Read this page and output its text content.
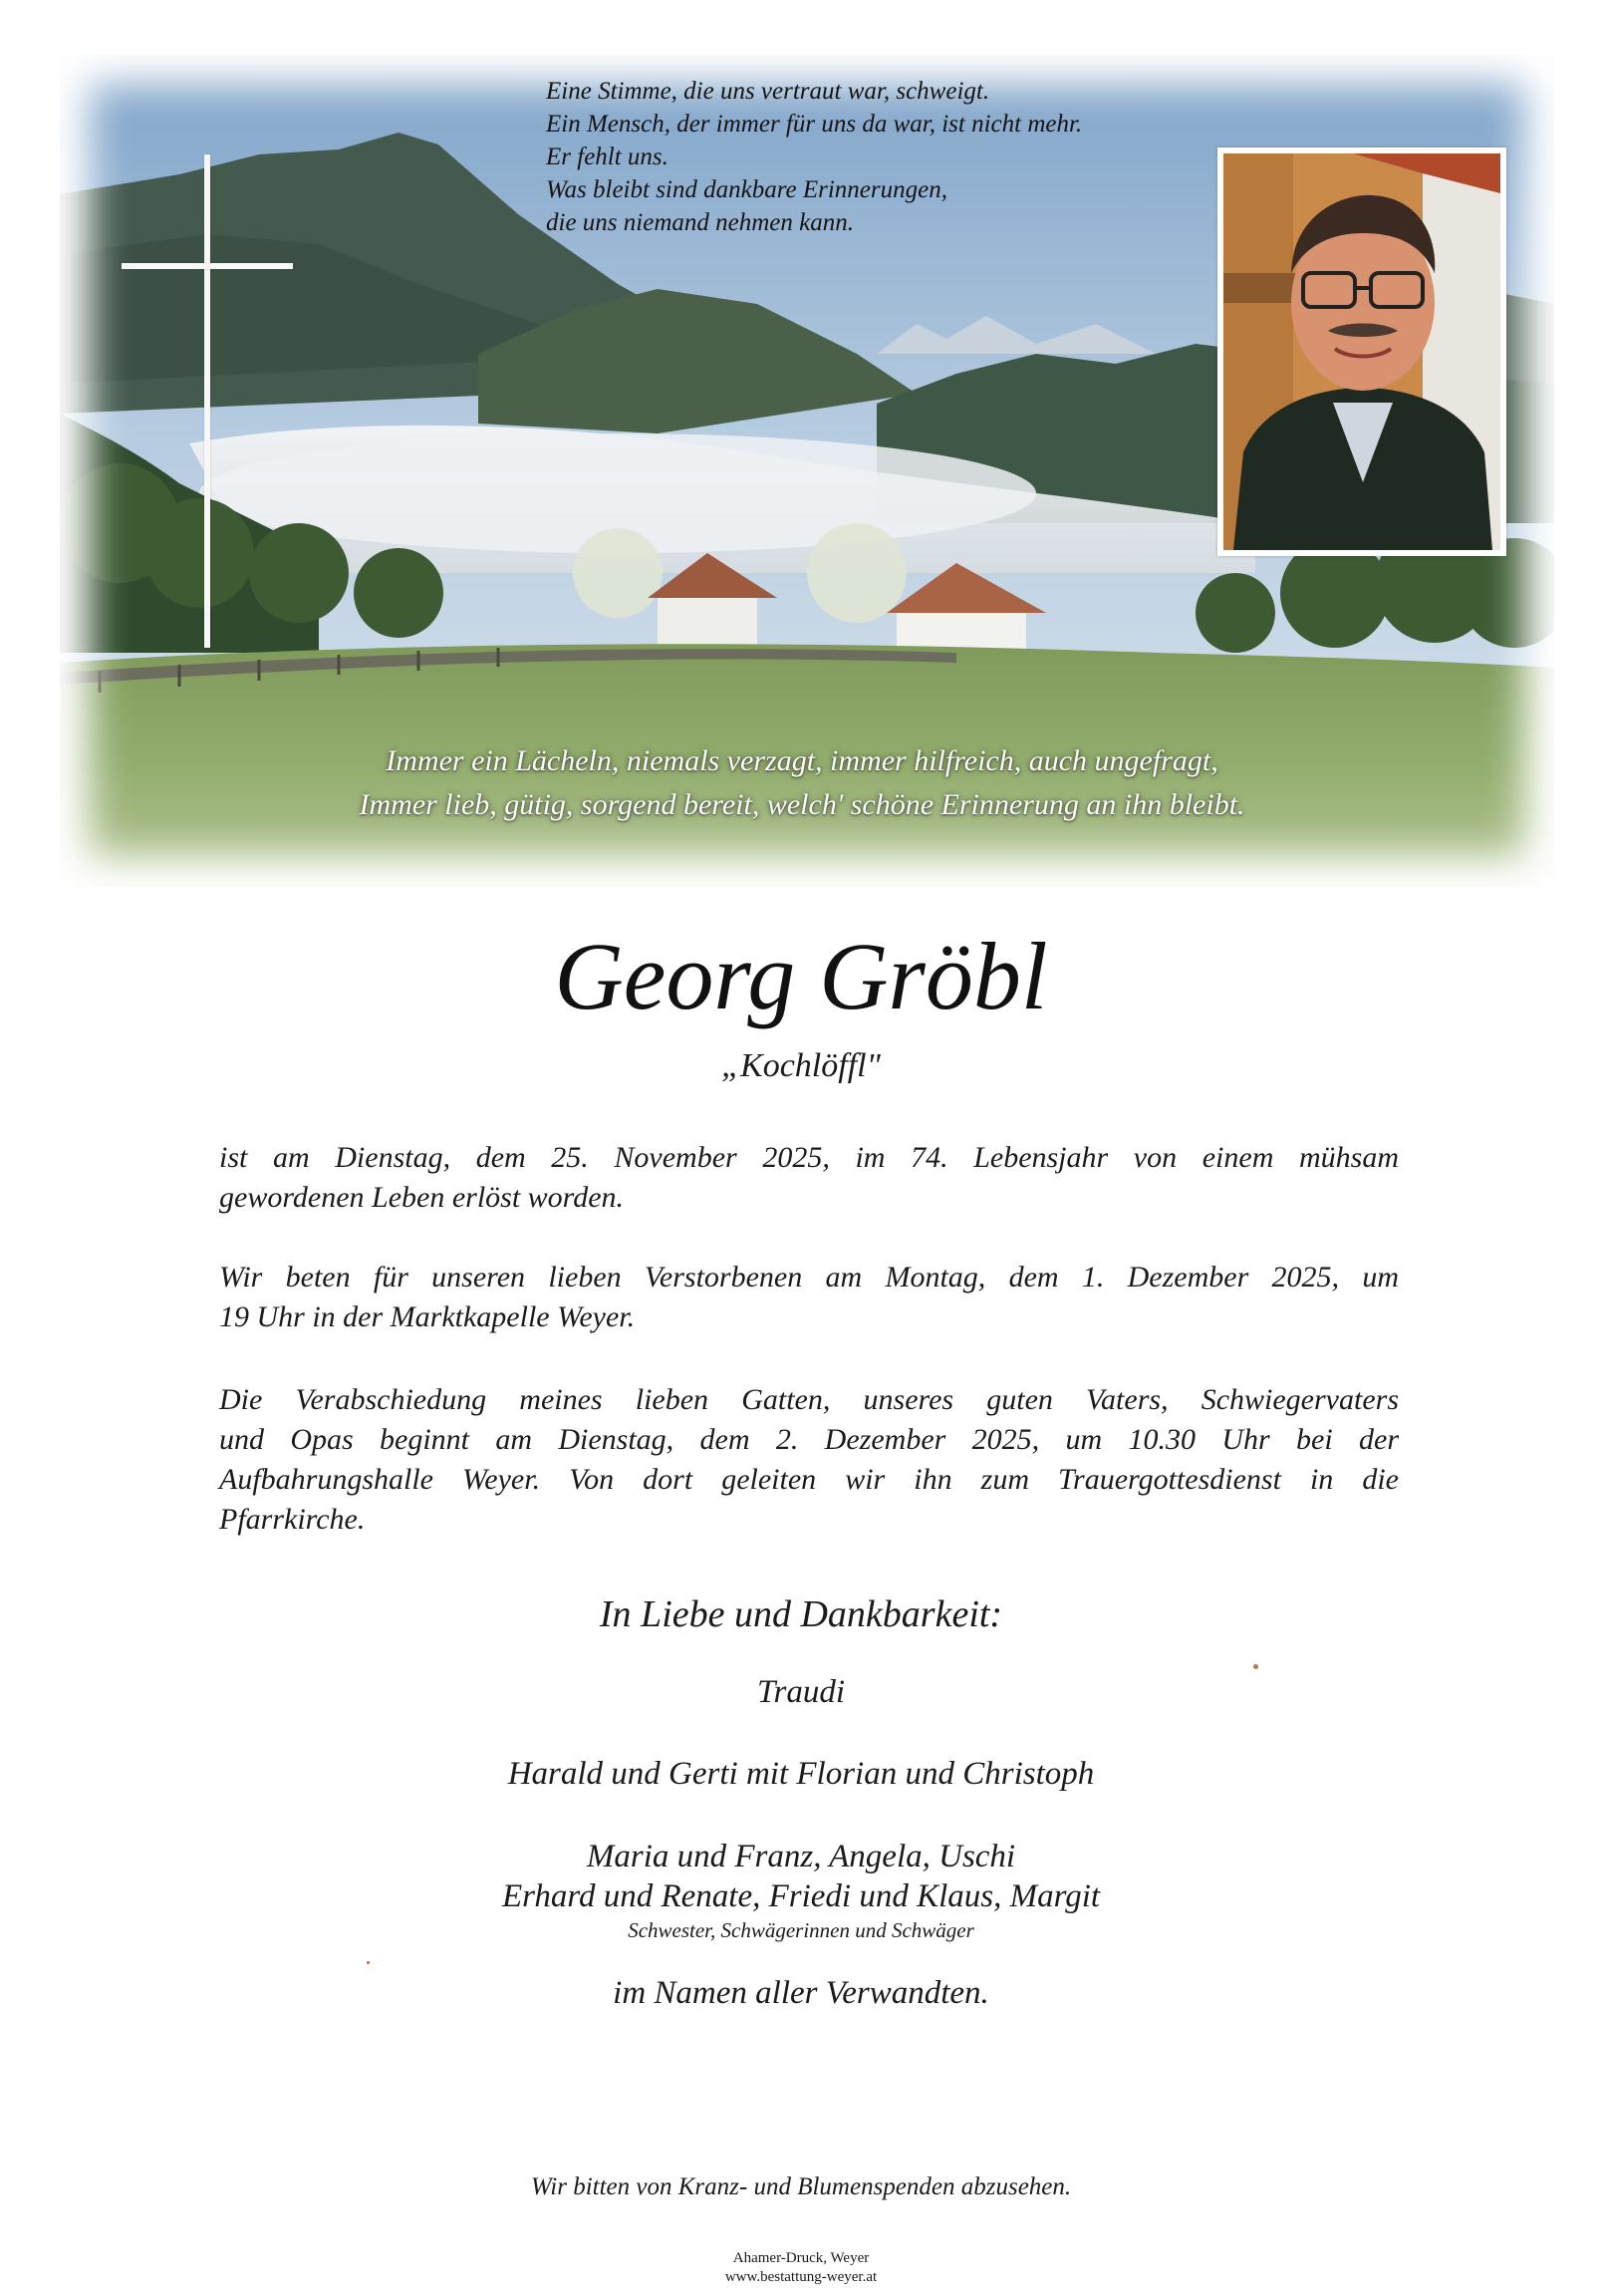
Eine Stimme, die uns vertraut war, schweigt.
Ein Mensch, der immer für uns da war, ist nicht mehr.
Er fehlt uns.
Was bleibt sind dankbare Erinnerungen,
die uns niemand nehmen kann.
Immer ein Lächeln, niemals verzagt, immer hilfreich, auch ungefragt,
Immer lieb, gütig, sorgend bereit, welch' schöne Erinnerung an ihn bleibt.
Georg Gröbl
„Kochlöffl"
ist am Dienstag, dem 25. November 2025, im 74. Lebensjahr von einem mühsam
gewordenen Leben erlöst worden.
Wir beten für unseren lieben Verstorbenen am Montag, dem 1. Dezember 2025, um
19 Uhr in der Marktkapelle Weyer.
Die Verabschiedung meines lieben Gatten, unseres guten Vaters, Schwiegervaters
und Opas beginnt am Dienstag, dem 2. Dezember 2025, um 10.30 Uhr bei der
Aufbahrungshalle Weyer. Von dort geleiten wir ihn zum Trauergottesdienst in die
Pfarrkirche.
In Liebe und Dankbarkeit:
Traudi
Harald und Gerti mit Florian und Christoph
Maria und Franz, Angela, Uschi
Erhard und Renate, Friedi und Klaus, Margit
Schwester, Schwägerinnen und Schwäger
im Namen aller Verwandten.
Wir bitten von Kranz- und Blumenspenden abzusehen.
Ahamer-Druck, Weyer
www.bestattung-weyer.at
